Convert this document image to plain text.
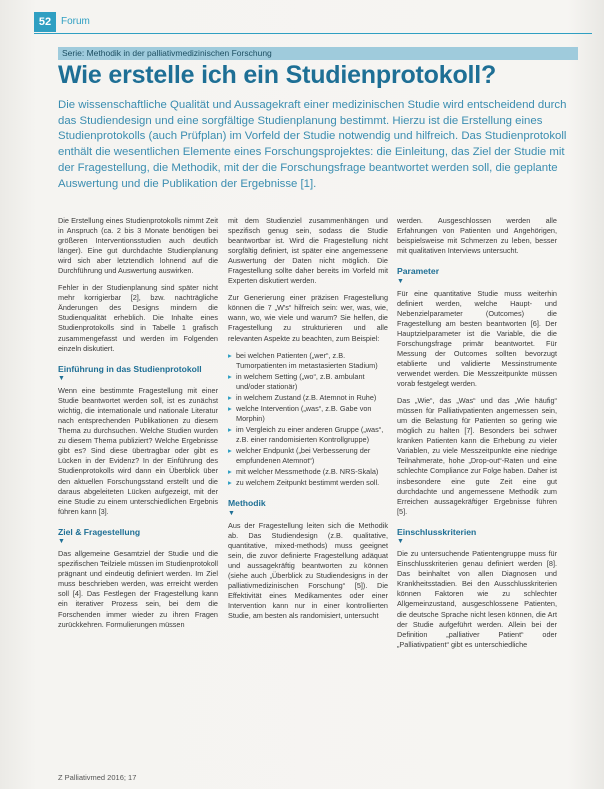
52 Forum
Serie: Methodik in der palliativmedizinischen Forschung
Wie erstelle ich ein Studienprotokoll?

Die wissenschaftliche Qualität und Aussagekraft einer medizinischen Studie wird entscheidend durch das Studiendesign und eine sorgfältige Studienplanung bestimmt. Hierzu ist die Erstellung eines Studienprotokolls (auch Prüfplan) im Vorfeld der Studie notwendig und hilfreich. Das Studienprotokoll enthält die wesentlichen Elemente eines Forschungsprojektes: die Einleitung, das Ziel der Studie mit der Fragestellung, die Methodik, mit der die Forschungsfrage beantwortet werden soll, die geplante Auswertung und die Publikation der Ergebnisse [1].

Die Erstellung eines Studienprotokolls nimmt Zeit in Anspruch (ca. 2 bis 3 Monate benötigen bei größeren Interventionsstudien auch deutlich länger). Eine gut durchdachte Studienplanung wird sich aber letztendlich lohnend auf die Durchführung und Auswertung auswirken.

Fehler in der Studienplanung sind später nicht mehr korrigierbar [2], bzw. nachträgliche Änderungen des Designs mindern die Studienqualität erheblich. Die Inhalte eines Studienprotokolls sind in Tabelle 1 grafisch zusammengefasst und werden im Folgenden einzeln diskutiert.

Einführung in das Studienprotokoll
▼

Wenn eine bestimmte Fragestellung mit einer Studie beantwortet werden soll, ist es zunächst wichtig, die internationale und nationale Literatur nach entsprechenden Publikationen zu diesem Thema zu durchsuchen. Welche Studien wurden zu diesem Thema publiziert? Welche Ergebnisse gibt es? Sind diese übertragbar oder gibt es Lücken in der Evidenz? In der Einführung des Studienprotokolls wird dann ein Überblick über den aktuellen Forschungsstand erstellt und die daraus abgeleiteten Lücken aufgezeigt, mit der eine Studie zu einem unterschiedlichen Ergebnis führen kann [3].

Ziel & Fragestellung
▼

Das allgemeine Gesamtziel der Studie und die spezifischen Teilziele müssen im Studienprotokoll prägnant und eindeutig definiert werden. Im Ziel muss beschrieben werden, was erreicht werden soll [4]. Das Festlegen der Fragestellung kann ein iterativer Prozess sein, bei dem die Forschenden immer wieder zu ihren Fragen zurückkehren. Formulierungen müssen

mit dem Studienziel zusammenhängen und spezifisch genug sein, sodass die Studie beantwortbar ist. Wird die Fragestellung nicht sorgfältig definiert, ist später eine angemessene Auswertung der Daten nicht möglich. Die Fragestellung sollte daher bereits im Vorfeld mit Experten diskutiert werden.

Zur Generierung einer präzisen Fragestellung können die 7 „W's“ hilfreich sein: wer, was, wie, wann, wo, wie viele und warum? Sie helfen, die Fragestellung zu strukturieren und alle relevanten Aspekte zu beachten, zum Beispiel:

▸ bei welchen Patienten („wer“, z.B. Tumorpatienten im metastasierten Stadium)
▸ in welchem Setting („wo“, z.B. ambulant und/oder stationär)
▸ in welchem Zustand (z.B. Atemnot in Ruhe)
▸ welche Intervention („was“, z.B. Gabe von Morphin)
▸ im Vergleich zu einer anderen Gruppe („was“, z.B. einer randomisierten Kontrollgruppe)
▸ welcher Endpunkt („bei Verbesserung der empfundenen Atemnot“)
▸ mit welcher Messmethode (z.B. NRS-Skala)
▸ zu welchem Zeitpunkt bestimmt werden soll.
Methodik
▼

Aus der Fragestellung leiten sich die Methodik ab. Das Studiendesign (z.B. qualitative, quantitative, mixed-methods) muss geeignet sein, die zuvor definierte Fragestellung adäquat und aussagekräftig beantworten zu können (siehe auch „Überblick zu Studiendesigns in der palliativmedizinischen Forschung“ [5]). Die Effektivität eines Medikamentes oder einer Intervention kann nur in einer kontrollierten Studie, am besten als randomisiert, untersucht

werden. Ausgeschlossen werden alle Erfahrungen von Patienten und Angehörigen, beispielsweise mit Schmerzen zu leben, besser mit qualitativen Interviews untersucht.

Parameter
▼

Für eine quantitative Studie muss weiterhin definiert werden, welche Haupt- und Nebenzielparameter (Outcomes) die Fragestellung am besten beantworten [6]. Der Hauptzielparameter ist die Variable, die die Forschungsfrage primär beantwortet. Für Messung der Outcomes sollten bevorzugt etablierte und validierte Messinstrumente verwendet werden. Die Messzeitpunkte müssen vorab festgelegt werden.

Das „Wie“, das „Was“ und das „Wie häufig“ müssen für Palliativpatienten angemessen sein, um die Belastung für Patienten so gering wie möglich zu halten [7]. Besonders bei schwer kranken Patienten kann die Erhebung zu vieler Variablen, zu viele Messzeitpunkte eine niedrige Teilnahmerate, hohe „Drop-out“-Raten und eine schlechte Compliance zur Folge haben. Daher ist insbesondere eine gute Zeit eine gut durchdachte und angemessene Methodik zum Erreichen aussagekräftiger Ergebnisse führen [5].

Einschlusskriterien
▼

Die zu untersuchende Patientengruppe muss für Einschlusskriterien genau definiert werden [8]. Das beinhaltet von allen Diagnosen und Krankheitsstadien. Bei den Ausschlusskriterien können Faktoren wie zu schlechter Allgemeinzustand, ausgeschlossene Patienten, die deutsche Sprache nicht lesen können, die Art der Studie aufgeführt werden. Allein bei der Definition „palliativer Patient“ oder „Palliativpatient“ gibt es unterschiedliche

Z Palliativmed 2016; 17
